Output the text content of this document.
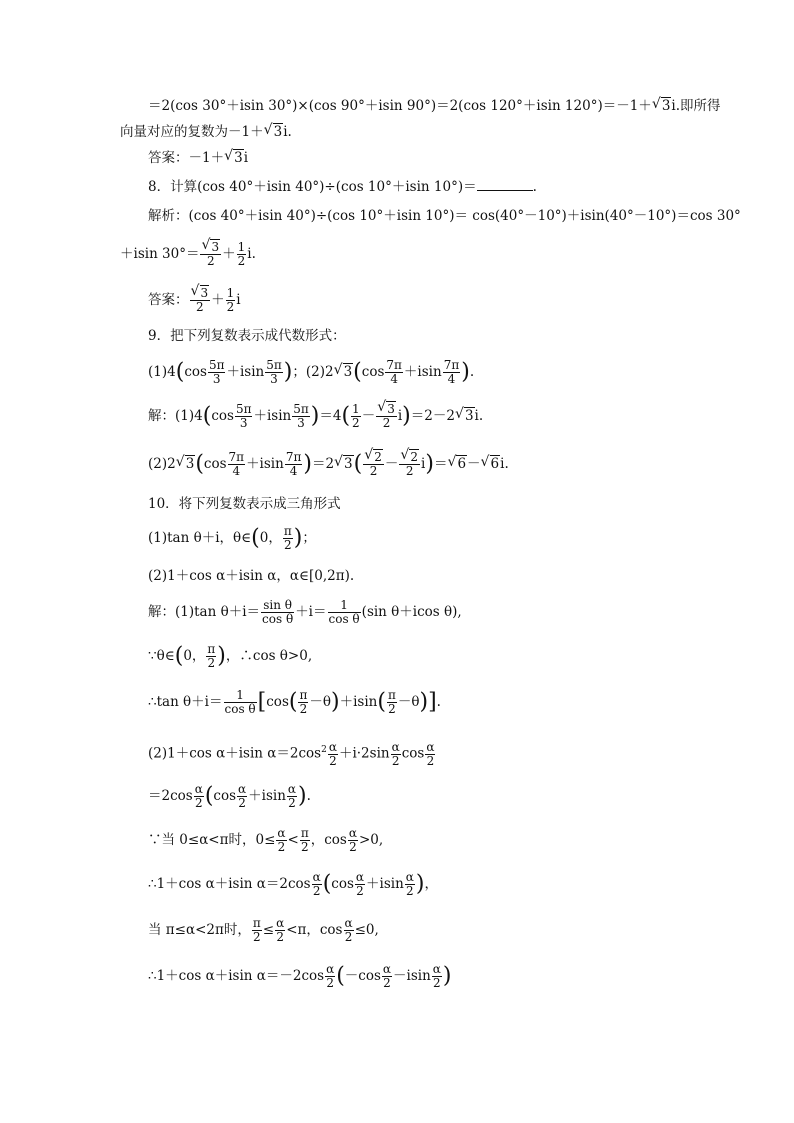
＝2(cos 30°＋isin 30°)×(cos 90°＋isin 90°)＝2(cos 120°＋isin 120°)＝－1＋√ 3i.即所得
向量对应的复数为－1＋√ 3i.
答案：－1＋√ 3i
8．计算(cos 40°＋isin 40°)÷(cos 10°＋isin 10°)＝	.
解析：(cos 40°＋isin 40°)÷(cos 10°＋isin 10°)＝ cos(40°－10°)＋isin(40°－10°)＝cos 30°
＋isin 30°＝
√ $\frac{3}{2} + \frac{1}{2} i$.
答案：
√ $\frac{3}{2} + \frac{1}{2}$ i
9．把下列复数表示成代数形式：
$(1)4(\cos \frac{5\pi}{3} +isin \frac{5\pi}{3}$ )；(2)2√ $3(\cos \frac{7\pi}{4} +isin \frac{7\pi}{4}$ ).
解：$(1)4(\cos \frac{5\pi}{3} +isin \frac{5\pi}{3} )=4( \frac{1}{2}$ －
√ $\frac{3}{2} i)=2-2√$ 3i.
(2)2√ $3(\cos \frac{7\pi}{4} +isin \frac{7\pi}{4} )=2√$ 3(
√ $\frac{2}{2}$ －
√ $\frac{2}{2} i)=√$ 6－√ 6i.
10．将下列复数表示成三角形式
(1)tan θ＋i，θ∈(0， $\frac{\pi}{2}$ )；
(2)1＋cos α＋isin α，α∈[0,2π).
解：(1)tan $\theta+i= \frac{\text{sin θ}}{\text{cos θ}} +i= \frac{1}{\text{cos θ}} (\sin$ θ＋icos θ),
∵θ∈(0， $\frac{\pi}{2}$ )，∴cos θ>0,
∴tan $\theta+i= \frac{1}{\text{cos θ}} [\cos( \frac{\pi}{2} -\theta)+isin( \frac{\pi}{2} -\theta)]$.
(2)1＋cos α＋isin $\alpha=2\cos^2 \frac{\alpha}{2} +i\cdot 2\sin \frac{\alpha}{2}$ $\cos \frac{\alpha}{2}$
$=2\cos \frac{\alpha}{2} (\cos \frac{\alpha}{2} +isin \frac{\alpha}{2}$ ).
∵当 0≤α<π时，$0\le \frac{\alpha}{2} < \frac{\pi}{2}$ ，$\cos \frac{\alpha}{2} >0$,
∴1＋cos α＋isin $\alpha=2\cos \frac{\alpha}{2} (\cos \frac{\alpha}{2} +isin \frac{\alpha}{2}$ )，
当 π≤α<2π时， $\frac{\pi}{2} \le \frac{\alpha}{2} <\pi$，$\cos \frac{\alpha}{2} \le 0$,
∴1＋cos α＋isin $\alpha=-2\cos \frac{\alpha}{2} (-\cos \frac{\alpha}{2} -isin \frac{\alpha}{2}$ )
